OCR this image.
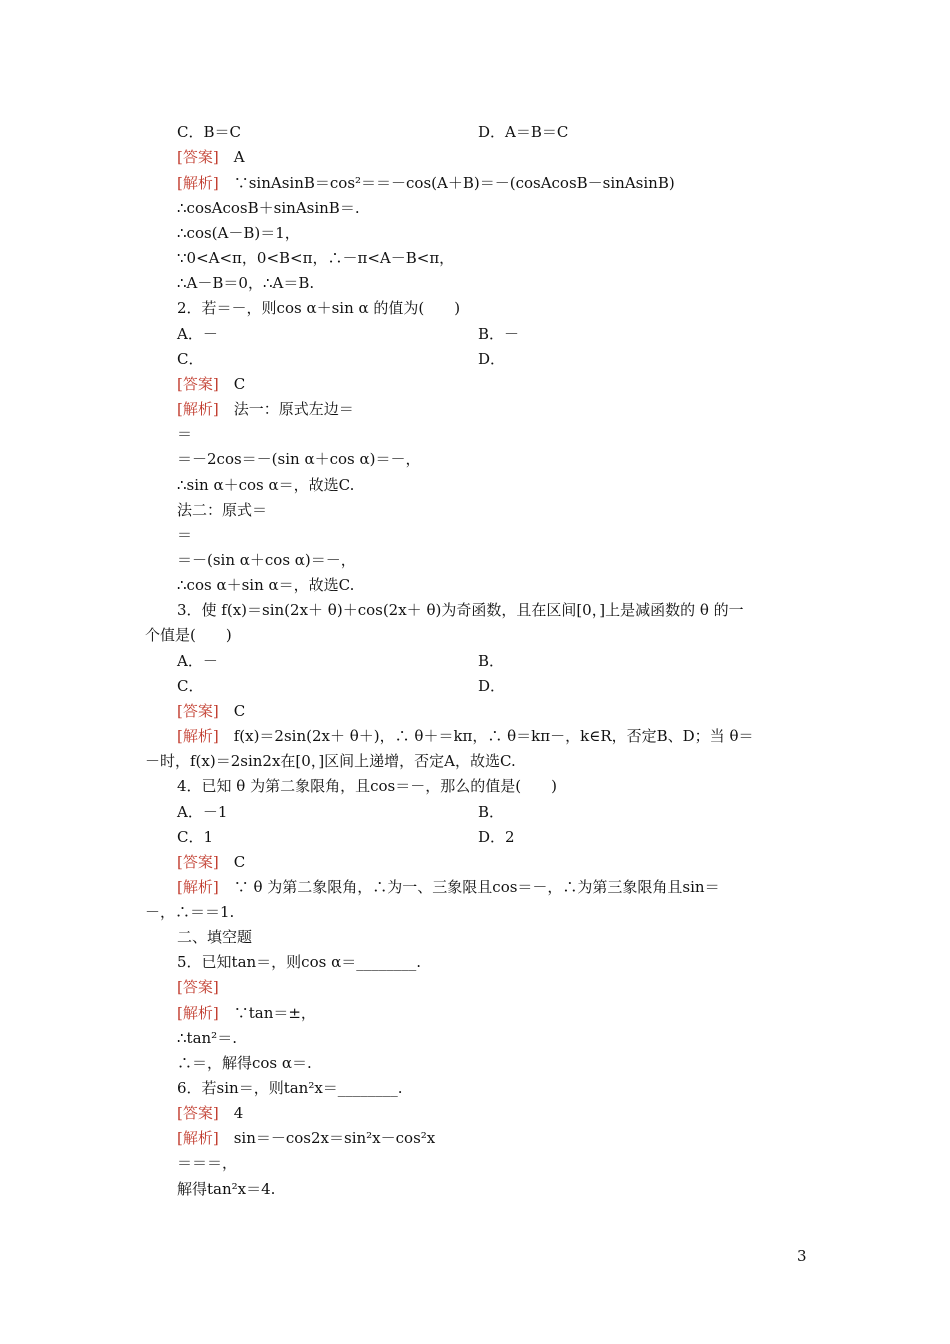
C．B＝C	D．A＝B＝C
[答案]　A
[解析]　∵sinAsinB＝cos²＝＝－cos(A＋B)＝－(cosAcosB－sinAsinB)
∴cosAcosB＋sinAsinB＝.
∴cos(A－B)＝1，
∵0<A<π，0<B<π，∴－π<A－B<π，
∴A－B＝0，∴A＝B.
2．若＝－，则cos α＋sin α 的值为(　　)
A．－	B．－
C．	D．
[答案]　C
[解析]　法一：原式左边＝
＝
＝－2cos＝－(sin α＋cos α)＝－，
∴sin α＋cos α＝，故选C.
法二：原式＝
＝
＝－(sin α＋cos α)＝－，
∴cos α＋sin α＝，故选C.
3．使 f(x)＝sin(2x＋ θ)＋cos(2x＋ θ)为奇函数，且在区间[0，]上是减函数的 θ 的一
个值是(　　)
A．－	B．
C．	D．
[答案]　C
[解析]　f(x)＝2sin(2x＋ θ＋)，∴ θ＋＝kπ，∴ θ＝kπ－，k∈R，否定B、D；当 θ＝
－时，f(x)＝2sin2x在[0，]区间上递增，否定A，故选C.
4．已知 θ 为第二象限角，且cos＝－，那么的值是(　　)
A．－1	B．
C．1	D．2
[答案]　C
[解析]　∵ θ 为第二象限角，∴为一、三象限且cos＝－，∴为第三象限角且sin＝
－，∴＝＝1.
二、填空题
5．已知tan＝，则cos α＝________.
[答案]
[解析]　∵tan＝±，
∴tan²＝.
∴＝，解得cos α＝.
6．若sin＝，则tan²x＝________.
[答案]　4
[解析]　sin＝－cos2x＝sin²x－cos²x
＝＝＝，
解得tan²x＝4.
3
